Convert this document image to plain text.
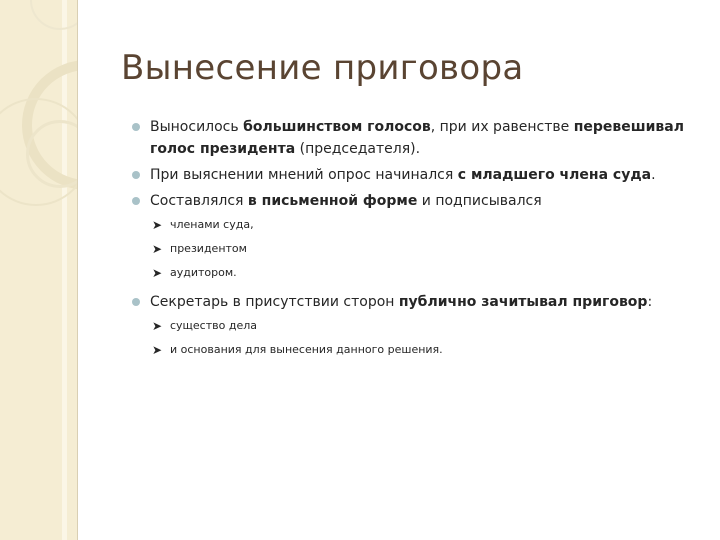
Вынесение приговора
Выносилось большинством голосов, при их равенстве перевешивал
голос президента (председателя).
При выяснении мнений опрос начинался с младшего члена суда.
Составлялся в письменной форме и подписывался
➤ членами суда,
➤ президентом
➤ аудитором.
Секретарь в присутствии сторон публично зачитывал приговор:
➤ существо дела
➤ и основания для вынесения данного решения.
